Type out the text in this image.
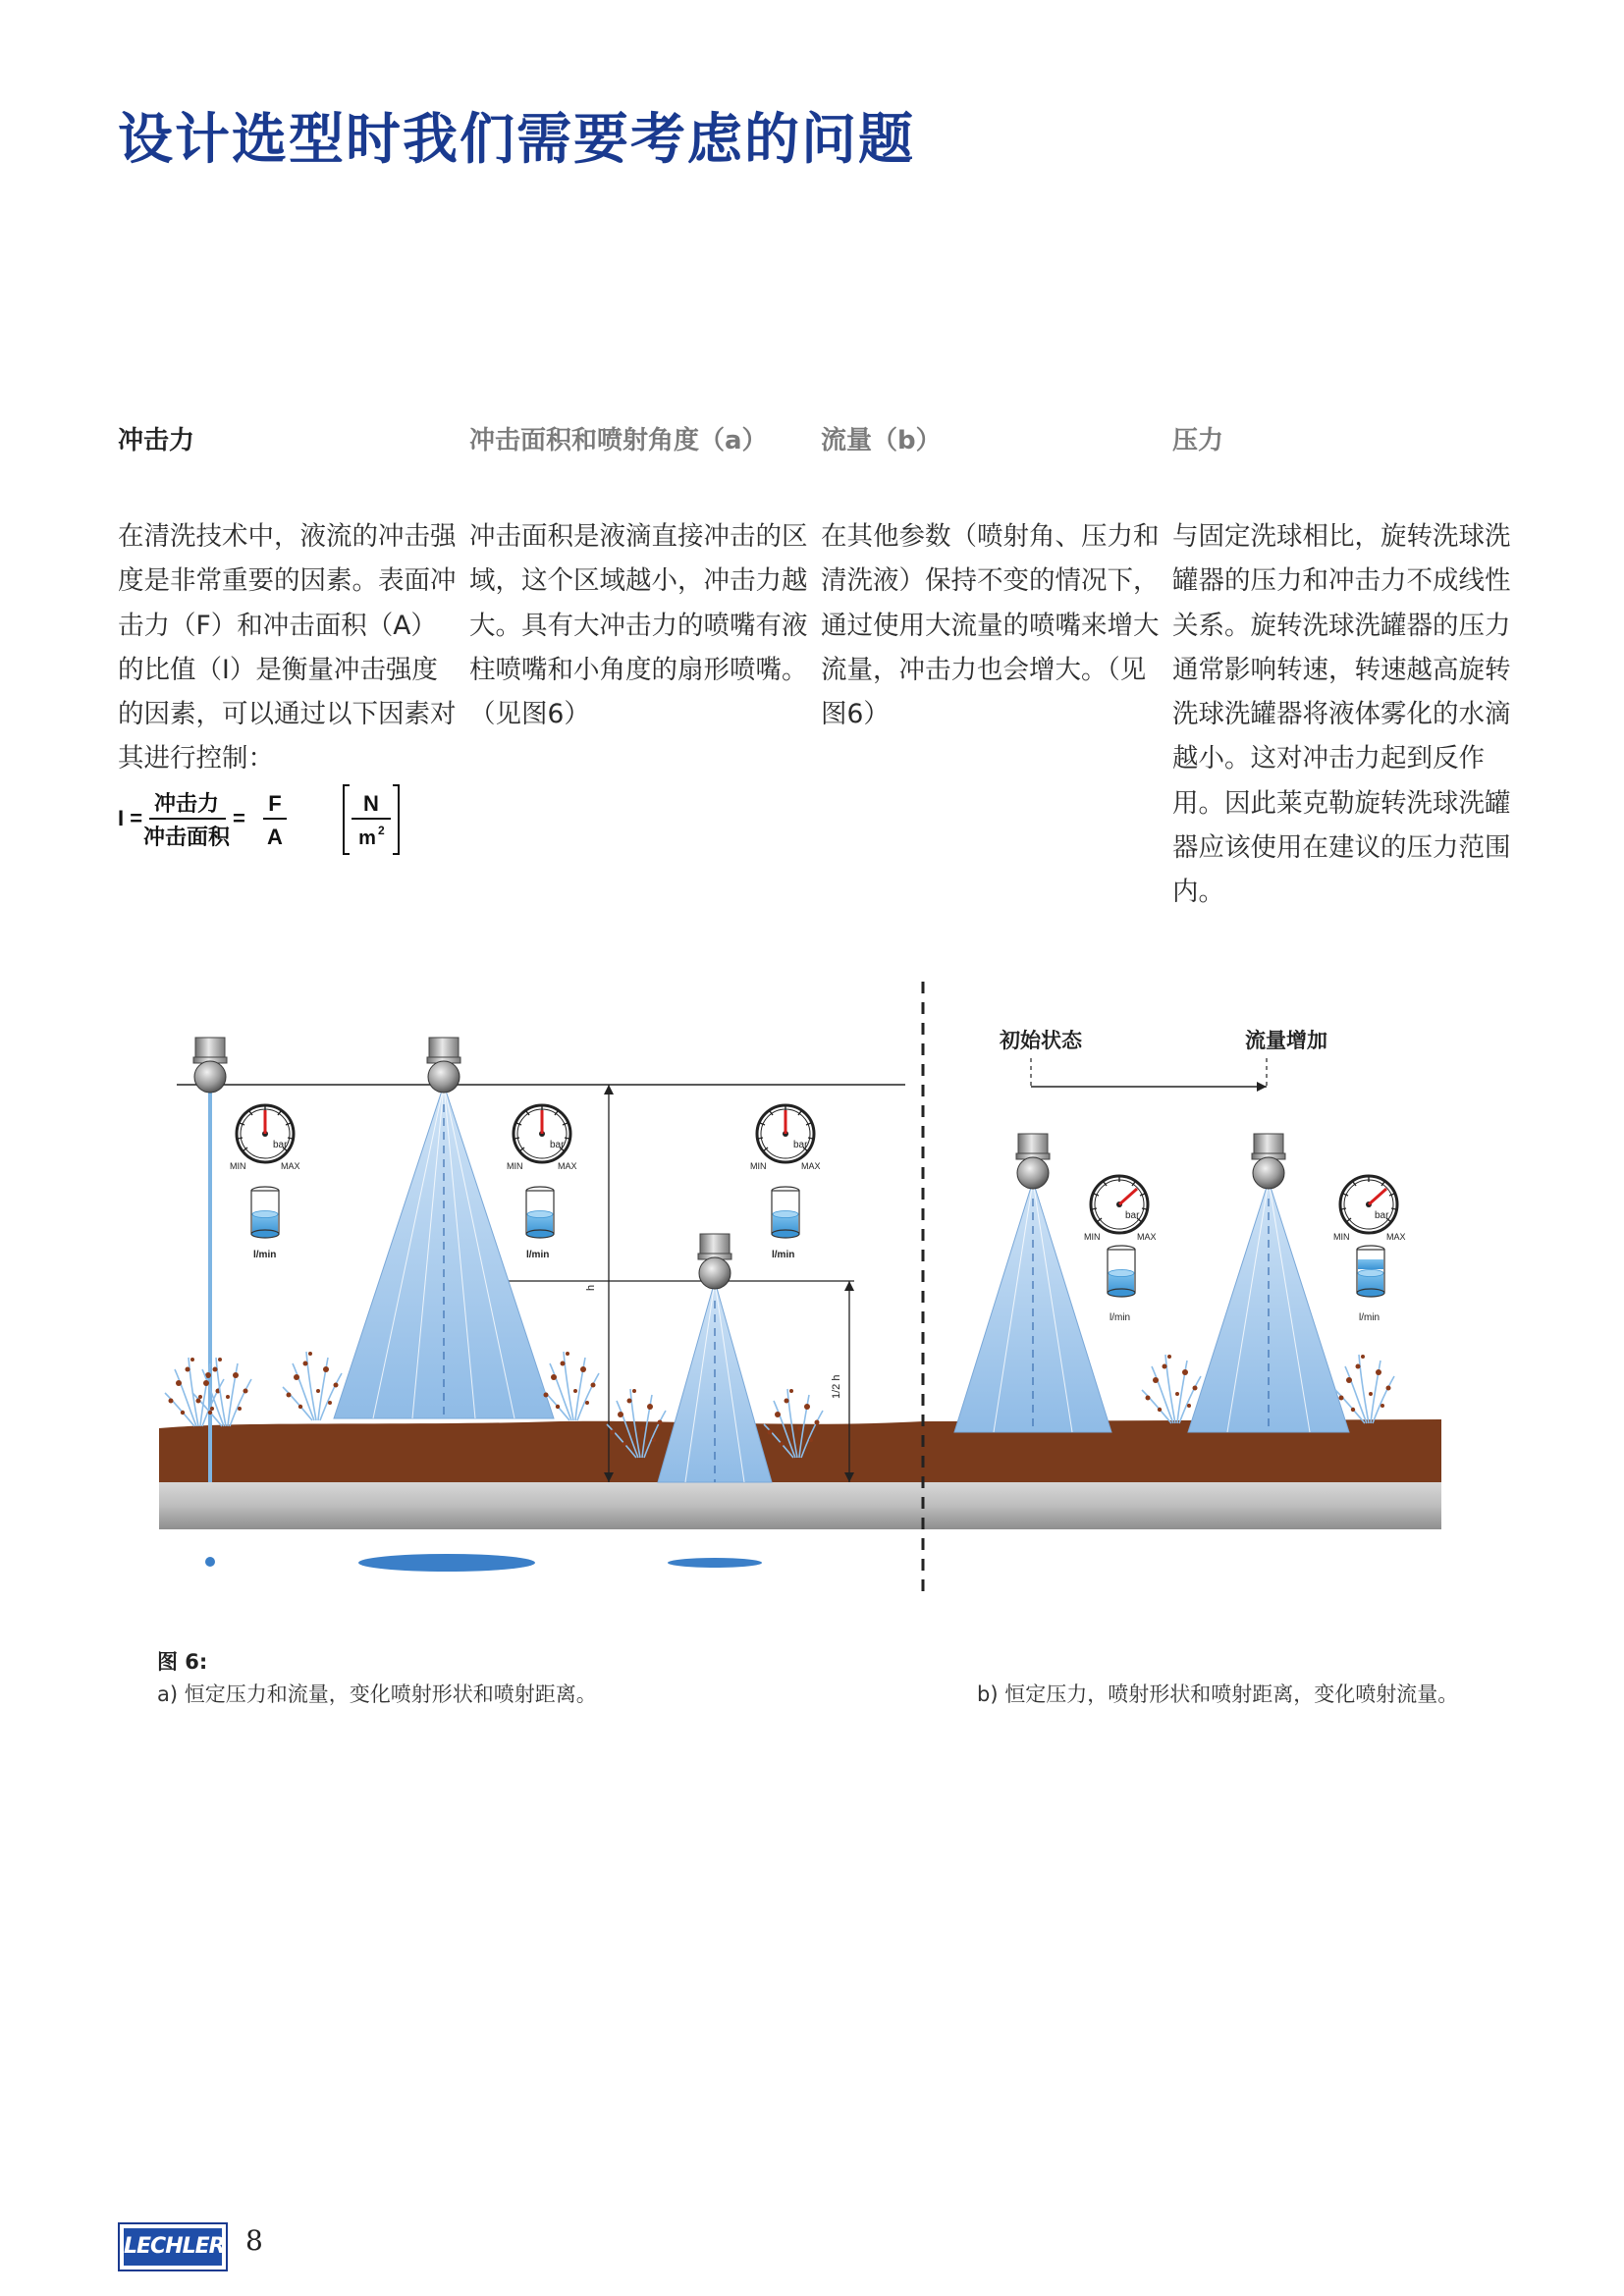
设计选型时我们需要考虑的问题
冲击力

在清洗技术中，液流的冲击强度是非常重要的因素。表面冲击力（F）和冲击面积（A）的比值（I）是衡量冲击强度的因素，可以通过以下因素对其进行控制：

冲击面积和喷射角度（a）

冲击面积是液滴直接冲击的区域，这个区域越小，冲击力越大。具有大冲击力的喷嘴有液柱喷嘴和小角度的扇形喷嘴。（见图6）

流量（b）

在其他参数（喷射角、压力和清洗液）保持不变的情况下，通过使用大流量的喷嘴来增大流量，冲击力也会增大。（见图6）

压力

与固定洗球相比，旋转洗球洗罐器的压力和冲击力不成线性关系。旋转洗球洗罐器的压力通常影响转速，转速越高旋转洗球洗罐器将液体雾化的水滴越小。这对冲击力起到反作用。因此莱克勒旋转洗球洗罐器应该使用在建议的压力范围内。

I =
冲击力
冲击面积
=
F
A
N
m 2
h
1/2 h
bar
MIN	MAX
l/min
bar
MIN	MAX
l/min
bar
MIN	MAX
l/min
初始状态	流量增加
bar
MIN	MAX
l/min
bar
MIN	MAX
l/min
图 6:
a) 恒定压力和流量，变化喷射形状和喷射距离。	b) 恒定压力，喷射形状和喷射距离，变化喷射流量。
LECHLER 8
